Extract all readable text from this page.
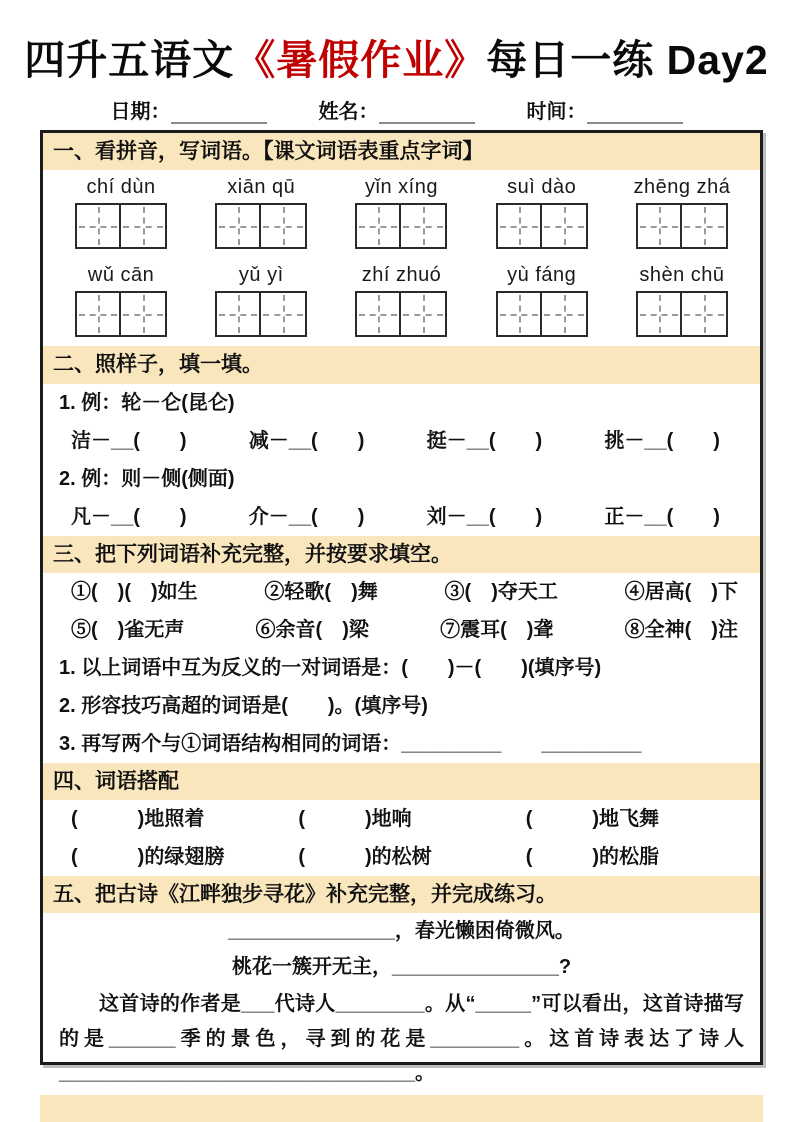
四升五语文《暑假作业》每日一练 Day2
日期：	姓名：	时间：
一、看拼音，写词语。【课文词语表重点字词】
chí dùn	xiān qū	yǐn xíng	suì dào	zhēng zhá
wǔ cān	yǔ yì	zhí zhuó	yù fáng	shèn chū
二、照样子，填一填。
1. 例：轮－仑(昆仑)
洁－__(　　)	减－__(　　)	挺－__(　　)	挑－__(　　)
2. 例：则－侧(侧面)
凡－__(　　)	介－__(　　)	刘－__(　　)	正－__(　　)
三、把下列词语补充完整，并按要求填空。
①(　)(　)如生	②轻歌(　)舞	③(　)夺天工	④居高(　)下
⑤(　)雀无声	⑥余音(　)梁	⑦震耳(　)聋	⑧全神(　)注
1. 以上词语中互为反义的一对词语是：(　　)－(　　)(填序号)
2. 形容技巧高超的词语是(　　)。(填序号)
3. 再写两个与①词语结构相同的词语：_________　　_________
四、词语搭配
(　　　)地照着	(　　　)地响	(　　　)地飞舞
(　　　)的绿翅膀	(　　　)的松树	(　　　)的松脂
五、把古诗《江畔独步寻花》补充完整，并完成练习。
_______________，春光懒困倚微风。
桃花一簇开无主，_______________?
这首诗的作者是___代诗人________。从“_____”可以看出，这首诗描写的是______季的景色，寻到的花是________。这首诗表达了诗人________________________________。
